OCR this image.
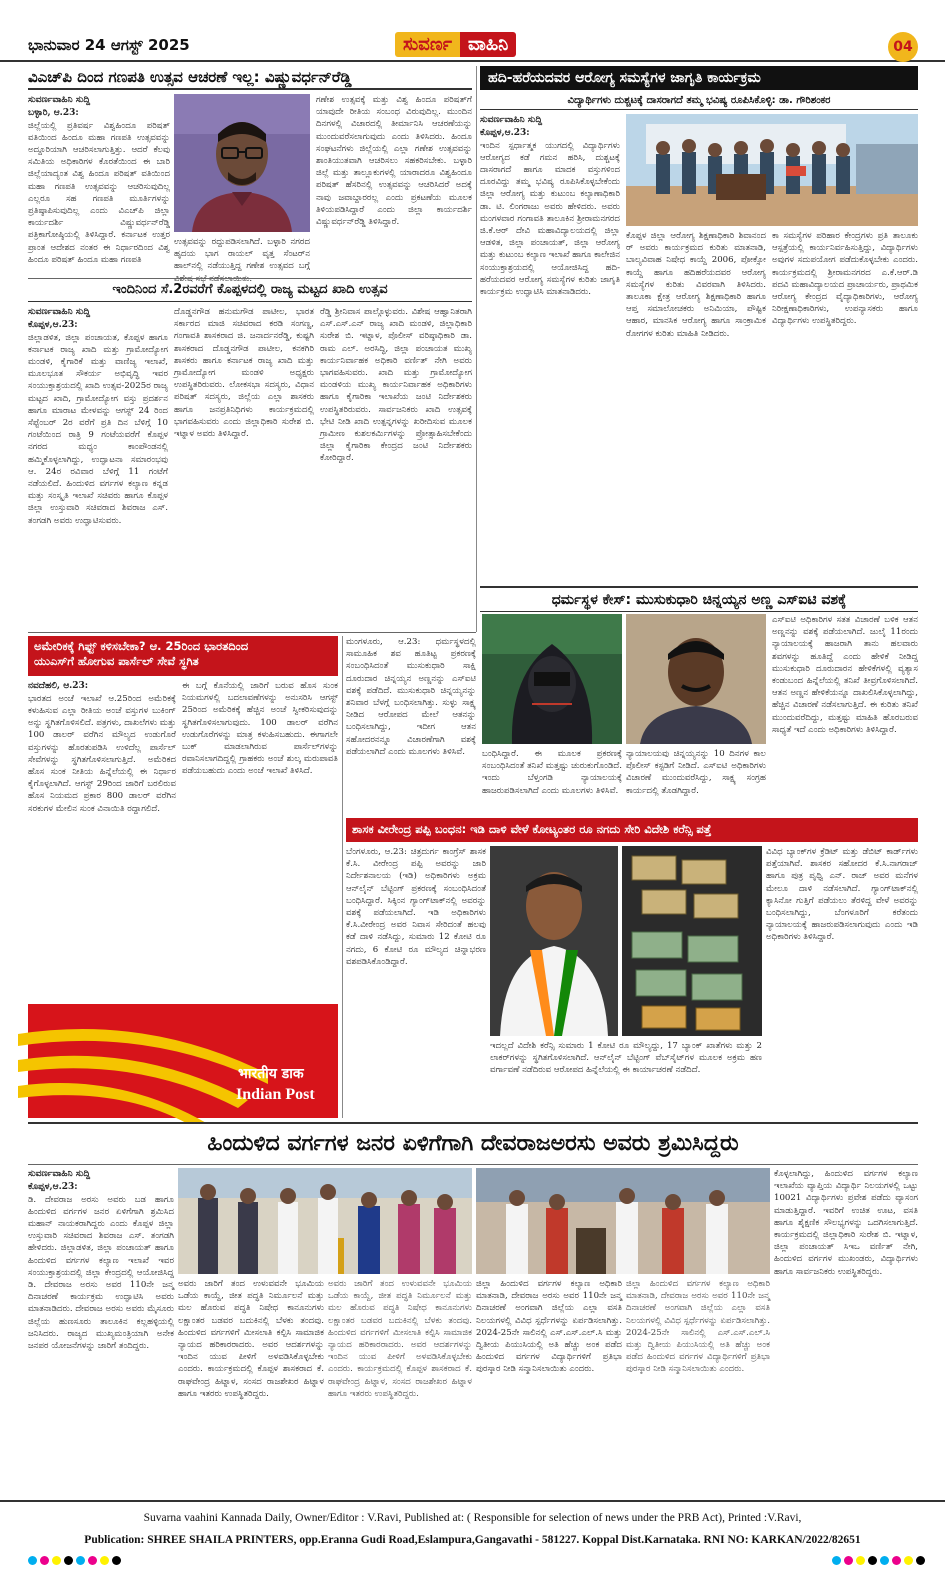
ಭಾನುವಾರ 24 ಆಗಸ್ಟ್ 2025	ಸುವರ್ಣ ವಾಹಿನಿ	04
ವಿಎಚ್‌ಪಿ ದಿಂದ ಗಣಪತಿ ಉತ್ಸವ ಆಚರಣೆ ಇಲ್ಲ: ವಿಷ್ಣುವರ್ಧನ್‌ರೆಡ್ಡಿ
ಸುವರ್ಣವಾಹಿನಿ ಸುದ್ದಿ
ಬಳ್ಳಾರಿ, ಆ.23:

ಜಿಲ್ಲೆಯಲ್ಲಿ ಪ್ರತಿವರ್ಷ ವಿಶ್ವಹಿಂದೂ ಪರಿಷತ್ ವತಿಯಿಂದ ಹಿಂದೂ ಮಹಾ ಗಣಪತಿ ಉತ್ಸವವನ್ನು ಅದ್ದೂರಿಯಾಗಿ ಆಚರಿಸಲಾಗುತ್ತಿತ್ತು. ಆದರೆ ಕೆಲವು ಸಮಿತಿಯ ಅಧಿಕಾರಿಗಳ ಕೊರತೆಯಿಂದ ಈ ಬಾರಿ ಜಿಲ್ಲೆಯಾದ್ಯಂತ ವಿಶ್ವ ಹಿಂದೂ ಪರಿಷತ್ ವತಿಯಿಂದ ಮಹಾ ಗಣಪತಿ ಉತ್ಸವವನ್ನು ಆಚರಿಸುವುದಿಲ್ಲ ಎಲ್ಲರೂ ಸಹ ಗಣಪತಿ ಮೂರ್ತಿಗಳನ್ನು ಪ್ರತಿಷ್ಠಾಪಿಸುವುದಿಲ್ಲ ಎಂದು ವಿಎಚ್‌ಪಿ ಜಿಲ್ಲಾ ಕಾರ್ಯದರ್ಶಿ ವಿಷ್ಣುವರ್ಧನ್‌ರೆಡ್ಡಿ ಪತ್ರಿಕಾಗೋಷ್ಠಿಯಲ್ಲಿ ತಿಳಿಸಿದ್ದಾರೆ. ಕರ್ನಾಟಕ ಉತ್ತರ ಪ್ರಾಂತ ಆದೇಶದ ನಂತರ ಈ ನಿರ್ಧಾರದಿಂದ ವಿಶ್ವ ಹಿಂದೂ ಪರಿಷತ್ ಹಿಂದೂ ಮಹಾ ಗಣಪತಿ

ಉತ್ಸವವನ್ನು ರದ್ದುಪಡಿಸಲಾಗಿದೆ. ಬಳ್ಳಾರಿ ನಗರದ ಹೃದಯ ಭಾಗ ರಾಯಲ್ ವೃತ್ತ ಸೆಂಟರ್‌ನ ಹಾಲ್‌ನಲ್ಲಿ ನಡೆಯುತ್ತಿದ್ದ ಗಣೇಶ ಉತ್ಸವದ ಬಗ್ಗೆ ವಿಶೇಷ ಸಭೆ ನಡೆಸಲಾಯಿತು.

ಗಣೇಶ ಉತ್ಸವಕ್ಕೆ ಮತ್ತು ವಿಶ್ವ ಹಿಂದೂ ಪರಿಷತ್‌ಗೆ ಯಾವುದೇ ರೀತಿಯ ಸಂಬಂಧ ವಿರುವುದಿಲ್ಲ. ಮುಂದಿನ ದಿನಗಳಲ್ಲಿ ವಿಚಾರದಲ್ಲಿ ತೀರ್ಮಾನಿಸಿ ಆಚರಣೆಯನ್ನು ಮುಂದುವರೆಸಲಾಗುವುದು ಎಂದು ತಿಳಿಸಿದರು. ಹಿಂದೂ ಸಂಘಟನೆಗಳು ಜಿಲ್ಲೆಯಲ್ಲಿ ಎಲ್ಲಾ ಗಣೇಶ ಉತ್ಸವವನ್ನು ಶಾಂತಿಯುತವಾಗಿ ಆಚರಿಸಲು ಸಹಕರಿಸಬೇಕು. ಬಳ್ಳಾರಿ ಜಿಲ್ಲೆ ಮತ್ತು ತಾಲ್ಲೂಕುಗಳಲ್ಲಿ ಯಾರಾದರೂ ವಿಶ್ವಹಿಂದೂ ಪರಿಷತ್ ಹೆಸರಿನಲ್ಲಿ ಉತ್ಸವವನ್ನು ಆಚರಿಸಿದರೆ ಅದಕ್ಕೆ ನಾವು ಜವಾಬ್ದಾರರಲ್ಲ ಎಂದು ಪ್ರಕಟಣೆಯ ಮೂಲಕ ತಿಳಿಯಪಡಿಸಿದ್ದಾರೆ ಎಂದು ಜಿಲ್ಲಾ ಕಾರ್ಯದರ್ಶಿ ವಿಷ್ಣುವರ್ಧನ್‌ರೆಡ್ಡಿ ತಿಳಿಸಿದ್ದಾರೆ.

ಇಂದಿನಿಂದ ಸೆ.2ರವರೆಗೆ ಕೊಪ್ಪಳದಲ್ಲಿ ರಾಜ್ಯ ಮಟ್ಟದ ಖಾದಿ ಉತ್ಸವ
ಸುವರ್ಣವಾಹಿನಿ ಸುದ್ದಿ
ಕೊಪ್ಪಳ,ಆ.23:

ಜಿಲ್ಲಾಡಳಿತ, ಜಿಲ್ಲಾ ಪಂಚಾಯತ, ಕೊಪ್ಪಳ ಹಾಗೂ ಕರ್ನಾಟಕ ರಾಜ್ಯ ಖಾದಿ ಮತ್ತು ಗ್ರಾಮೋದ್ಯೋಗ ಮಂಡಳಿ, ಕೈಗಾರಿಕೆ ಮತ್ತು ವಾಣಿಜ್ಯ ಇಲಾಖೆ, ಮೂಲಭೂತ ಸೌಕರ್ಯ ಅಭಿವೃದ್ಧಿ ಇವರ ಸಂಯುಕ್ತಾಶ್ರಯದಲ್ಲಿ ಖಾದಿ ಉತ್ಸವ-2025ರ ರಾಜ್ಯ ಮಟ್ಟದ ಖಾದಿ, ಗ್ರಾಮೋದ್ಯೋಗ ವಸ್ತು ಪ್ರದರ್ಶನ ಹಾಗೂ ಮಾರಾಟ ಮೇಳವನ್ನು ಆಗಸ್ಟ್ 24 ರಿಂದ ಸೆಪ್ಟೆಂಬರ್ 2ರ ವರೆಗೆ ಪ್ರತಿ ದಿನ ಬೆಳಿಗ್ಗೆ 10 ಗಂಟೆಯಿಂದ ರಾತ್ರಿ 9 ಗಂಟೆಯವರೆಗೆ ಕೊಪ್ಪಳ ನಗರದ ಮಧ್ಯಂ ಕಾಂಪೌಂಡನಲ್ಲಿ ಹಮ್ಮಿಕೊಳ್ಳಲಾಗಿದ್ದು, ಉದ್ಘಾಟನಾ ಸಮಾರಂಭವು ಆ. 24ರ ರವಿವಾರ ಬೆಳಿಗ್ಗೆ 11 ಗಂಟೆಗೆ ನಡೆಯಲಿದೆ. ಹಿಂದುಳಿದ ವರ್ಗಗಳ ಕಲ್ಯಾಣ ಕನ್ನಡ ಮತ್ತು ಸಂಸ್ಕೃತಿ ಇಲಾಖೆ ಸಚಿವರು ಹಾಗೂ ಕೊಪ್ಪಳ ಜಿಲ್ಲಾ ಉಸ್ತುವಾರಿ ಸಚಿವರಾದ ಶಿವರಾಜ ಎಸ್. ತಂಗಡಗಿ ಅವರು ಉದ್ಘಾಟಿಸುವರು.

ದೊಡ್ಡನಗೌಡ ಹನುಮಗೌಡ ಪಾಟೀಲ, ಭಾರತ ಸರ್ಕಾರದ ಮಾಜಿ ಸಚಿವರಾದ ಕರಡಿ ಸಂಗಣ್ಣ, ಗಂಗಾವತಿ ಶಾಸಕರಾದ ಜಿ. ಜನಾರ್ದನರೆಡ್ಡಿ, ಕುಷ್ಟಗಿ ಶಾಸಕರಾದ ದೊಡ್ಡನಗೌಡ ಪಾಟೀಲ, ಕನಕಗಿರಿ ಶಾಸಕರು ಹಾಗೂ ಕರ್ನಾಟಕ ರಾಜ್ಯ ಖಾದಿ ಮತ್ತು ಗ್ರಾಮೋದ್ಯೋಗ ಮಂಡಳಿ ಅಧ್ಯಕ್ಷರು ಉಪಸ್ಥಿತರಿರುವರು. ಲೋಕಸಭಾ ಸದಸ್ಯರು, ವಿಧಾನ ಪರಿಷತ್ ಸದಸ್ಯರು, ಜಿಲ್ಲೆಯ ಎಲ್ಲಾ ಶಾಸಕರು ಹಾಗೂ ಜನಪ್ರತಿನಿಧಿಗಳು ಕಾರ್ಯಕ್ರಮದಲ್ಲಿ ಭಾಗವಹಿಸುವರು ಎಂದು ಜಿಲ್ಲಾಧಿಕಾರಿ ಸುರೇಶ ಬಿ. ಇಟ್ನಾಳ ಅವರು ತಿಳಿಸಿದ್ದಾರೆ.

ರೆಡ್ಡಿ ಶ್ರೀನಿವಾಸ ಪಾಲ್ಗೊಳ್ಳುವರು. ವಿಶೇಷ ಆಹ್ವಾನಿತರಾಗಿ ಎಸ್.ಎಸ್.ಎನ್ ರಾಜ್ಯ ಖಾದಿ ಮಂಡಳಿ, ಜಿಲ್ಲಾಧಿಕಾರಿ ಸುರೇಶ ಬಿ. ಇಟ್ನಾಳ, ಪೊಲೀಸ್ ವರಿಷ್ಠಾಧಿಕಾರಿ ಡಾ. ರಾಮ ಎಲ್. ಅರಸಿದ್ಧಿ, ಜಿಲ್ಲಾ ಪಂಚಾಯತ ಮುಖ್ಯ ಕಾರ್ಯನಿರ್ವಾಹಕ ಅಧಿಕಾರಿ ವರ್ಣಿತ್ ನೇಗಿ ಅವರು ಭಾಗವಹಿಸುವರು. ಖಾದಿ ಮತ್ತು ಗ್ರಾಮೋದ್ಯೋಗ ಮಂಡಳಿಯ ಮುಖ್ಯ ಕಾರ್ಯನಿರ್ವಾಹಕ ಅಧಿಕಾರಿಗಳು ಹಾಗೂ ಕೈಗಾರಿಕಾ ಇಲಾಖೆಯ ಜಂಟಿ ನಿರ್ದೇಶಕರು ಉಪಸ್ಥಿತರಿರುವರು. ಸಾರ್ವಜನಿಕರು ಖಾದಿ ಉತ್ಸವಕ್ಕೆ ಭೇಟಿ ನೀಡಿ ಖಾದಿ ಉತ್ಪನ್ನಗಳನ್ನು ಖರೀದಿಸುವ ಮೂಲಕ ಗ್ರಾಮೀಣ ಕುಶಲಕರ್ಮಿಗಳನ್ನು ಪ್ರೋತ್ಸಾಹಿಸಬೇಕೆಂದು ಜಿಲ್ಲಾ ಕೈಗಾರಿಕಾ ಕೇಂದ್ರದ ಜಂಟಿ ನಿರ್ದೇಶಕರು ಕೋರಿದ್ದಾರೆ.

ಹದಿ-ಹರೆಯದವರ ಆರೋಗ್ಯ ಸಮಸ್ಯೆಗಳ ಜಾಗೃತಿ ಕಾರ್ಯಕ್ರಮ
ವಿದ್ಯಾರ್ಥಿಗಳು ದುಶ್ಚಟಕ್ಕೆ ದಾಸರಾಗದೆ ತಮ್ಮ ಭವಿಷ್ಯ ರೂಪಿಸಿಕೊಳ್ಳಿ: ಡಾ. ಗೌರಿಶಂಕರ
ಸುವರ್ಣವಾಹಿನಿ ಸುದ್ದಿ
ಕೊಪ್ಪಳ,ಆ.23:

ಇಂದಿನ ಸ್ಪರ್ಧಾತ್ಮಕ ಯುಗದಲ್ಲಿ ವಿದ್ಯಾರ್ಥಿಗಳು ಆರೋಗ್ಯದ ಕಡೆ ಗಮನ ಹರಿಸಿ, ದುಶ್ಚಟಕ್ಕೆ ದಾಸರಾಗದೆ ಹಾಗೂ ಮಾದಕ ವಸ್ತುಗಳಿಂದ ದೂರವಿದ್ದು ತಮ್ಮ ಭವಿಷ್ಯ ರೂಪಿಸಿಕೊಳ್ಳಬೇಕೆಂದು ಜಿಲ್ಲಾ ಆರೋಗ್ಯ ಮತ್ತು ಕುಟುಂಬ ಕಲ್ಯಾಣಾಧಿಕಾರಿ ಡಾ. ಟಿ. ಲಿಂಗರಾಜು ಅವರು ಹೇಳಿದರು. ಅವರು ಮಂಗಳವಾರ ಗಂಗಾವತಿ ತಾಲೂಕಿನ ಶ್ರೀರಾಮನಗರದ ಜಿ.ಕೆ.ಆರ್ ದೇವಿ ಮಹಾವಿದ್ಯಾಲಯದಲ್ಲಿ ಜಿಲ್ಲಾ ಆಡಳಿತ, ಜಿಲ್ಲಾ ಪಂಚಾಯತ್, ಜಿಲ್ಲಾ ಆರೋಗ್ಯ ಮತ್ತು ಕುಟುಂಬ ಕಲ್ಯಾಣ ಇಲಾಖೆ ಹಾಗೂ ಕಾಲೇಜಿನ ಸಂಯುಕ್ತಾಶ್ರಯದಲ್ಲಿ ಆಯೋಜಿಸಿದ್ದ ಹದಿ-ಹರೆಯದವರ ಆರೋಗ್ಯ ಸಮಸ್ಯೆಗಳ ಕುರಿತು ಜಾಗೃತಿ ಕಾರ್ಯಕ್ರಮ ಉದ್ಘಾಟಿಸಿ ಮಾತನಾಡಿದರು.

ಕೊಪ್ಪಳ ಜಿಲ್ಲಾ ಆರೋಗ್ಯ ಶಿಕ್ಷಣಾಧಿಕಾರಿ ಶಿವಾನಂದ ರ್ ಅವರು ಕಾರ್ಯಕ್ರಮದ ಕುರಿತು ಮಾತನಾಡಿ, ಬಾಲ್ಯವಿವಾಹ ನಿಷೇಧ ಕಾಯ್ದೆ 2006, ಪೋಕ್ಸೋ ಕಾಯ್ದೆ ಹಾಗೂ ಹದಿಹರೆಯದವರ ಆರೋಗ್ಯ ಸಮಸ್ಯೆಗಳ ಕುರಿತು ವಿವರವಾಗಿ ತಿಳಿಸಿದರು. ತಾಲೂಕಾ ಕ್ಷೇತ್ರ ಆರೋಗ್ಯ ಶಿಕ್ಷಣಾಧಿಕಾರಿ ಹಾಗೂ ಆಪ್ತ ಸಮಾಲೋಚಕರು ಅನಿಮಿಯಾ, ಪೌಷ್ಟಿಕ ಆಹಾರ, ಮಾನಸಿಕ ಆರೋಗ್ಯ ಹಾಗೂ ಸಾಂಕ್ರಾಮಿಕ ರೋಗಗಳ ಕುರಿತು ಮಾಹಿತಿ ನೀಡಿದರು.

ಕಾ ಸಮಸ್ಯೆಗಳ ಪರಿಹಾರ ಕೇಂದ್ರಗಳು ಪ್ರತಿ ತಾಲೂಕು ಆಸ್ಪತ್ರೆಯಲ್ಲಿ ಕಾರ್ಯನಿರ್ವಹಿಸುತ್ತಿದ್ದು, ವಿದ್ಯಾರ್ಥಿಗಳು ಅವುಗಳ ಸದುಪಯೋಗ ಪಡೆದುಕೊಳ್ಳಬೇಕು ಎಂದರು. ಕಾರ್ಯಕ್ರಮದಲ್ಲಿ ಶ್ರೀರಾಮನಗರದ ಎ.ಕೆ.ಆರ್.ಡಿ ಪದವಿ ಮಹಾವಿದ್ಯಾಲಯದ ಪ್ರಾಚಾರ್ಯರು, ಪ್ರಾಥಮಿಕ ಆರೋಗ್ಯ ಕೇಂದ್ರದ ವೈದ್ಯಾಧಿಕಾರಿಗಳು, ಆರೋಗ್ಯ ನಿರೀಕ್ಷಣಾಧಿಕಾರಿಗಳು, ಉಪನ್ಯಾಸಕರು ಹಾಗೂ ವಿದ್ಯಾರ್ಥಿಗಳು ಉಪಸ್ಥಿತರಿದ್ದರು.

ಧರ್ಮಸ್ಥಳ ಕೇಸ್: ಮುಸುಕುಧಾರಿ ಚಿನ್ನಯ್ಯನ ಅಣ್ಣ ಎಸ್‌ಐಟಿ ವಶಕ್ಕೆ

ಬಂಧಿಸಿದ್ದಾರೆ. ಈ ಮೂಲಕ ಪ್ರಕರಣಕ್ಕೆ ಸಂಬಂಧಿಸಿದಂತೆ ತನಿಖೆ ಮತ್ತಷ್ಟು ಚುರುಕುಗೊಂಡಿದೆ. ಇಂದು ಬೆಳ್ತಂಗಡಿ ನ್ಯಾಯಾಲಯಕ್ಕೆ ಹಾಜರುಪಡಿಸಲಾಗಿದೆ ಎಂದು ಮೂಲಗಳು ತಿಳಿಸಿವೆ.

ನ್ಯಾಯಾಲಯವು ಚಿನ್ನಯ್ಯನನ್ನು 10 ದಿನಗಳ ಕಾಲ ಪೊಲೀಸ್ ಕಸ್ಟಡಿಗೆ ನೀಡಿದೆ. ಎಸ್‌ಐಟಿ ಅಧಿಕಾರಿಗಳು ವಿಚಾರಣೆ ಮುಂದುವರೆಸಿದ್ದು, ಸಾಕ್ಷ್ಯ ಸಂಗ್ರಹ ಕಾರ್ಯದಲ್ಲಿ ತೊಡಗಿದ್ದಾರೆ.

ಎಸ್‌ಐಟಿ ಅಧಿಕಾರಿಗಳ ಸತತ ವಿಚಾರಣೆ ಬಳಿಕ ಆತನ ಅಣ್ಣನನ್ನು ವಶಕ್ಕೆ ಪಡೆಯಲಾಗಿದೆ. ಜುಲೈ 11ರಂದು ನ್ಯಾಯಾಲಯಕ್ಕೆ ಹಾಜರಾಗಿ ತಾನು ಹಲವಾರು ಶವಗಳನ್ನು ಹೂತಿದ್ದೆ ಎಂದು ಹೇಳಿಕೆ ನೀಡಿದ್ದ ಮುಸುಕುಧಾರಿ ದೂರುದಾರನ ಹೇಳಿಕೆಗಳಲ್ಲಿ ವ್ಯತ್ಯಾಸ ಕಂಡುಬಂದ ಹಿನ್ನೆಲೆಯಲ್ಲಿ ತನಿಖೆ ತೀವ್ರಗೊಳಿಸಲಾಗಿದೆ. ಆತನ ಅಣ್ಣನ ಹೇಳಿಕೆಯನ್ನೂ ದಾಖಲಿಸಿಕೊಳ್ಳಲಾಗಿದ್ದು, ಹೆಚ್ಚಿನ ವಿಚಾರಣೆ ನಡೆಸಲಾಗುತ್ತಿದೆ. ಈ ಕುರಿತು ತನಿಖೆ ಮುಂದುವರೆದಿದ್ದು, ಮತ್ತಷ್ಟು ಮಾಹಿತಿ ಹೊರಬರುವ ಸಾಧ್ಯತೆ ಇದೆ ಎಂದು ಅಧಿಕಾರಿಗಳು ತಿಳಿಸಿದ್ದಾರೆ.

ಅಮೇರಿಕಕ್ಕೆ ಗಿಫ್ಟ್ ಕಳಿಸಬೇಕಾ? ಆ. 25ರಿಂದ ಭಾರತದಿಂದ
ಯುಎಸ್‌ಗೆ ಹೋಗುವ ಪಾರ್ಸೆಲ್ ಸೇವೆ ಸ್ಥಗಿತ
ನವದೆಹಲಿ, ಆ.23:

ಭಾರತದ ಅಂಚೆ ಇಲಾಖೆ ಆ.25ರಿಂದ ಅಮೆರಿಕಕ್ಕೆ ಕಳುಹಿಸುವ ಎಲ್ಲಾ ರೀತಿಯ ಅಂಚೆ ವಸ್ತುಗಳ ಬುಕಿಂಗ್ ಅನ್ನು ಸ್ಥಗಿತಗೊಳಿಸಲಿದೆ. ಪತ್ರಗಳು, ದಾಖಲೆಗಳು ಮತ್ತು 100 ಡಾಲರ್ ವರೆಗಿನ ಮೌಲ್ಯದ ಉಡುಗೊರೆ ವಸ್ತುಗಳನ್ನು ಹೊರತುಪಡಿಸಿ ಉಳಿದೆಲ್ಲ ಪಾರ್ಸೆಲ್ ಸೇವೆಗಳನ್ನು ಸ್ಥಗಿತಗೊಳಿಸಲಾಗುತ್ತಿದೆ. ಅಮೆರಿಕದ ಹೊಸ ಸುಂಕ ನೀತಿಯ ಹಿನ್ನೆಲೆಯಲ್ಲಿ ಈ ನಿರ್ಧಾರ ಕೈಗೊಳ್ಳಲಾಗಿದೆ. ಆಗಸ್ಟ್ 29ರಿಂದ ಜಾರಿಗೆ ಬರಲಿರುವ ಹೊಸ ನಿಯಮದ ಪ್ರಕಾರ 800 ಡಾಲರ್ ವರೆಗಿನ ಸರಕುಗಳ ಮೇಲಿನ ಸುಂಕ ವಿನಾಯಿತಿ ರದ್ದಾಗಲಿದೆ.

ಈ ಬಗ್ಗೆ ಕೊನೆಯಲ್ಲಿ ಜಾರಿಗೆ ಬರುವ ಹೊಸ ಸುಂಕ ನಿಯಮಗಳಲ್ಲಿ ಬದಲಾವಣೆಗಳನ್ನು ಅನುಸರಿಸಿ ಆಗಸ್ಟ್ 25ರಿಂದ ಅಮೆರಿಕಕ್ಕೆ ಹೆಚ್ಚಿನ ಅಂಚೆ ಸ್ವೀಕರಿಸುವುದನ್ನು ಸ್ಥಗಿತಗೊಳಿಸಲಾಗುವುದು. 100 ಡಾಲರ್ ವರೆಗಿನ ಉಡುಗೊರೆಗಳನ್ನು ಮಾತ್ರ ಕಳುಹಿಸಬಹುದು. ಈಗಾಗಲೇ ಬುಕ್ ಮಾಡಲಾಗಿರುವ ಪಾರ್ಸೆಲ್‌ಗಳನ್ನು ರವಾನಿಸಲಾಗದಿದ್ದಲ್ಲಿ ಗ್ರಾಹಕರು ಅಂಚೆ ಶುಲ್ಕ ಮರುಪಾವತಿ ಪಡೆಯಬಹುದು ಎಂದು ಅಂಚೆ ಇಲಾಖೆ ತಿಳಿಸಿದೆ.

ಮಂಗಳೂರು, ಆ.23: ಧರ್ಮಸ್ಥಳದಲ್ಲಿ ಸಾಮೂಹಿಕ ಶವ ಹೂತಿಟ್ಟ ಪ್ರಕರಣಕ್ಕೆ ಸಂಬಂಧಿಸಿದಂತೆ ಮುಸುಕುಧಾರಿ ಸಾಕ್ಷಿ ದೂರುದಾರ ಚಿನ್ನಯ್ಯನ ಅಣ್ಣನನ್ನು ಎಸ್‌ಐಟಿ ವಶಕ್ಕೆ ಪಡೆದಿದೆ. ಮುಸುಕುಧಾರಿ ಚಿನ್ನಯ್ಯನನ್ನು ಶನಿವಾರ ಬೆಳಗ್ಗೆ ಬಂಧಿಸಲಾಗಿತ್ತು. ಸುಳ್ಳು ಸಾಕ್ಷ್ಯ ನೀಡಿದ ಆರೋಪದ ಮೇಲೆ ಆತನನ್ನು ಬಂಧಿಸಲಾಗಿದ್ದು, ಇದೀಗ ಆತನ ಸಹೋದರನನ್ನೂ ವಿಚಾರಣೆಗಾಗಿ ವಶಕ್ಕೆ ಪಡೆಯಲಾಗಿದೆ ಎಂದು ಮೂಲಗಳು ತಿಳಿಸಿವೆ.

भारतीय डाक
Indian Post
ಶಾಸಕ ವೀರೇಂದ್ರ ಪಪ್ಪಿ ಬಂಧನ: ಇಡಿ ದಾಳಿ ವೇಳೆ ಕೋಟ್ಯಂತರ ರೂ ನಗದು ಸೇರಿ ವಿದೇಶಿ ಕರೆನ್ಸಿ ಪತ್ತೆ

ಬೆಂಗಳೂರು, ಆ.23: ಚಿತ್ರದುರ್ಗ ಕಾಂಗ್ರೆಸ್ ಶಾಸಕ ಕೆ.ಸಿ. ವೀರೇಂದ್ರ ಪಪ್ಪಿ ಅವರನ್ನು ಜಾರಿ ನಿರ್ದೇಶನಾಲಯ (ಇಡಿ) ಅಧಿಕಾರಿಗಳು ಅಕ್ರಮ ಆನ್‌ಲೈನ್ ಬೆಟ್ಟಿಂಗ್ ಪ್ರಕರಣಕ್ಕೆ ಸಂಬಂಧಿಸಿದಂತೆ ಬಂಧಿಸಿದ್ದಾರೆ. ಸಿಕ್ಕಿಂನ ಗ್ಯಾಂಗ್‌ಟಾಕ್‌ನಲ್ಲಿ ಅವರನ್ನು ವಶಕ್ಕೆ ಪಡೆಯಲಾಗಿದೆ. ಇಡಿ ಅಧಿಕಾರಿಗಳು ಕೆ.ಸಿ.ವೀರೇಂದ್ರ ಅವರ ನಿವಾಸ ಸೇರಿದಂತೆ ಹಲವು ಕಡೆ ದಾಳಿ ನಡೆಸಿದ್ದು, ಸುಮಾರು 12 ಕೋಟಿ ರೂ ನಗದು, 6 ಕೋಟಿ ರೂ ಮೌಲ್ಯದ ಚಿನ್ನಾಭರಣ ವಶಪಡಿಸಿಕೊಂಡಿದ್ದಾರೆ.

ಇದಲ್ಲದೆ ವಿದೇಶಿ ಕರೆನ್ಸಿ ಸುಮಾರು 1 ಕೋಟಿ ರೂ ಮೌಲ್ಯದ್ದು, 17 ಬ್ಯಾಂಕ್ ಖಾತೆಗಳು ಮತ್ತು 2 ಲಾಕರ್‌ಗಳನ್ನು ಸ್ಥಗಿತಗೊಳಿಸಲಾಗಿದೆ. ಆನ್‌ಲೈನ್ ಬೆಟ್ಟಿಂಗ್ ವೆಬ್‌ಸೈಟ್‌ಗಳ ಮೂಲಕ ಅಕ್ರಮ ಹಣ ವರ್ಗಾವಣೆ ನಡೆದಿರುವ ಆರೋಪದ ಹಿನ್ನೆಲೆಯಲ್ಲಿ ಈ ಕಾರ್ಯಾಚರಣೆ ನಡೆದಿದೆ.

ವಿವಿಧ ಬ್ಯಾಂಕ್‌ಗಳ ಕ್ರೆಡಿಟ್ ಮತ್ತು ಡೆಬಿಟ್ ಕಾರ್ಡ್‌ಗಳು ಪತ್ತೆಯಾಗಿವೆ. ಶಾಸಕರ ಸಹೋದರ ಕೆ.ಸಿ.ನಾಗರಾಜ್ ಹಾಗೂ ಪುತ್ರ ಪೃಥ್ವಿ ಎನ್. ರಾಜ್ ಅವರ ಮನೆಗಳ ಮೇಲೂ ದಾಳಿ ನಡೆಸಲಾಗಿದೆ. ಗ್ಯಾಂಗ್‌ಟಾಕ್‌ನಲ್ಲಿ ಕ್ಯಾಸಿನೋ ಗುತ್ತಿಗೆ ಪಡೆಯಲು ತೆರಳಿದ್ದ ವೇಳೆ ಅವರನ್ನು ಬಂಧಿಸಲಾಗಿದ್ದು, ಬೆಂಗಳೂರಿಗೆ ಕರೆತಂದು ನ್ಯಾಯಾಲಯಕ್ಕೆ ಹಾಜರುಪಡಿಸಲಾಗುವುದು ಎಂದು ಇಡಿ ಅಧಿಕಾರಿಗಳು ತಿಳಿಸಿದ್ದಾರೆ.

ಹಿಂದುಳಿದ ವರ್ಗಗಳ ಜನರ ಏಳಿಗೆಗಾಗಿ ದೇವರಾಜಅರಸು ಅವರು ಶ್ರಮಿಸಿದ್ದರು
ಸುವರ್ಣವಾಹಿನಿ ಸುದ್ದಿ
ಕೊಪ್ಪಳ,ಆ.23:

ಡಿ. ದೇವರಾಜ ಅರಸು ಅವರು ಬಡ ಹಾಗೂ ಹಿಂದುಳಿದ ವರ್ಗಗಳ ಜನರ ಏಳಿಗೆಗಾಗಿ ಶ್ರಮಿಸಿದ ಮಹಾನ್ ನಾಯಕರಾಗಿದ್ದರು ಎಂದು ಕೊಪ್ಪಳ ಜಿಲ್ಲಾ ಉಸ್ತುವಾರಿ ಸಚಿವರಾದ ಶಿವರಾಜ ಎಸ್. ತಂಗಡಗಿ ಹೇಳಿದರು. ಜಿಲ್ಲಾಡಳಿತ, ಜಿಲ್ಲಾ ಪಂಚಾಯತ್ ಹಾಗೂ ಹಿಂದುಳಿದ ವರ್ಗಗಳ ಕಲ್ಯಾಣ ಇಲಾಖೆ ಇವರ ಸಂಯುಕ್ತಾಶ್ರಯದಲ್ಲಿ ಜಿಲ್ಲಾ ಕೇಂದ್ರದಲ್ಲಿ ಆಯೋಜಿಸಿದ್ದ ಡಿ. ದೇವರಾಜ ಅರಸು ಅವರ 110ನೇ ಜನ್ಮ ದಿನಾಚರಣೆ ಕಾರ್ಯಕ್ರಮ ಉದ್ಘಾಟಿಸಿ ಅವರು ಮಾತನಾಡಿದರು. ದೇವರಾಜ ಅರಸು ಅವರು ಮೈಸೂರು ಜಿಲ್ಲೆಯ ಹುಣಸೂರು ತಾಲೂಕಿನ ಕಲ್ಲಹಳ್ಳಿಯಲ್ಲಿ ಜನಿಸಿದರು. ರಾಜ್ಯದ ಮುಖ್ಯಮಂತ್ರಿಯಾಗಿ ಅನೇಕ ಜನಪರ ಯೋಜನೆಗಳನ್ನು ಜಾರಿಗೆ ತಂದಿದ್ದರು.

ಅವರು ಜಾರಿಗೆ ತಂದ ಉಳುವವನೇ ಭೂಮಿಯ ಒಡೆಯ ಕಾಯ್ದೆ, ಜೀತ ಪದ್ಧತಿ ನಿರ್ಮೂಲನೆ ಮತ್ತು ಮಲ ಹೊರುವ ಪದ್ಧತಿ ನಿಷೇಧ ಕಾನೂನುಗಳು ಲಕ್ಷಾಂತರ ಬಡವರ ಬದುಕಿನಲ್ಲಿ ಬೆಳಕು ತಂದವು. ಹಿಂದುಳಿದ ವರ್ಗಗಳಿಗೆ ಮೀಸಲಾತಿ ಕಲ್ಪಿಸಿ ಸಾಮಾಜಿಕ ನ್ಯಾಯದ ಹರಿಕಾರರಾದರು. ಅವರ ಆದರ್ಶಗಳನ್ನು ಇಂದಿನ ಯುವ ಪೀಳಿಗೆ ಅಳವಡಿಸಿಕೊಳ್ಳಬೇಕು ಎಂದರು. ಕಾರ್ಯಕ್ರಮದಲ್ಲಿ ಕೊಪ್ಪಳ ಶಾಸಕರಾದ ಕೆ. ರಾಘವೇಂದ್ರ ಹಿಟ್ನಾಳ, ಸಂಸದ ರಾಜಶೇಖರ ಹಿಟ್ನಾಳ ಹಾಗೂ ಇತರರು ಉಪಸ್ಥಿತರಿದ್ದರು.

ಜಿಲ್ಲಾ ಹಿಂದುಳಿದ ವರ್ಗಗಳ ಕಲ್ಯಾಣ ಅಧಿಕಾರಿ ಮಾತನಾಡಿ, ದೇವರಾಜ ಅರಸು ಅವರ 110ನೇ ಜನ್ಮ ದಿನಾಚರಣೆ ಅಂಗವಾಗಿ ಜಿಲ್ಲೆಯ ಎಲ್ಲಾ ವಸತಿ ನಿಲಯಗಳಲ್ಲಿ ವಿವಿಧ ಸ್ಪರ್ಧೆಗಳನ್ನು ಏರ್ಪಡಿಸಲಾಗಿತ್ತು. 2024-25ನೇ ಸಾಲಿನಲ್ಲಿ ಎಸ್.ಎಸ್.ಎಲ್.ಸಿ ಮತ್ತು ದ್ವಿತೀಯ ಪಿಯುಸಿಯಲ್ಲಿ ಅತಿ ಹೆಚ್ಚು ಅಂಕ ಪಡೆದ ಹಿಂದುಳಿದ ವರ್ಗಗಳ ವಿದ್ಯಾರ್ಥಿಗಳಿಗೆ ಪ್ರತಿಭಾ ಪುರಸ್ಕಾರ ನೀಡಿ ಸನ್ಮಾನಿಸಲಾಯಿತು ಎಂದರು.

ಕೊಳ್ಳಲಾಗಿದ್ದು, ಹಿಂದುಳಿದ ವರ್ಗಗಳ ಕಲ್ಯಾಣ ಇಲಾಖೆಯ ವ್ಯಾಪ್ತಿಯ ವಿದ್ಯಾರ್ಥಿ ನಿಲಯಗಳಲ್ಲಿ ಒಟ್ಟು 10021 ವಿದ್ಯಾರ್ಥಿಗಳು ಪ್ರವೇಶ ಪಡೆದು ವ್ಯಾಸಂಗ ಮಾಡುತ್ತಿದ್ದಾರೆ. ಇವರಿಗೆ ಉಚಿತ ಊಟ, ವಸತಿ ಹಾಗೂ ಶೈಕ್ಷಣಿಕ ಸೌಲಭ್ಯಗಳನ್ನು ಒದಗಿಸಲಾಗುತ್ತಿದೆ. ಕಾರ್ಯಕ್ರಮದಲ್ಲಿ ಜಿಲ್ಲಾಧಿಕಾರಿ ಸುರೇಶ ಬಿ. ಇಟ್ನಾಳ, ಜಿಲ್ಲಾ ಪಂಚಾಯತ್ ಸಿಇಒ ವರ್ಣಿತ್ ನೇಗಿ, ಹಿಂದುಳಿದ ವರ್ಗಗಳ ಮುಖಂಡರು, ವಿದ್ಯಾರ್ಥಿಗಳು ಹಾಗೂ ಸಾರ್ವಜನಿಕರು ಉಪಸ್ಥಿತರಿದ್ದರು.

ಅವರು ಜಾರಿಗೆ ತಂದ ಉಳುವವನೇ ಭೂಮಿಯ ಒಡೆಯ ಕಾಯ್ದೆ, ಜೀತ ಪದ್ಧತಿ ನಿರ್ಮೂಲನೆ ಮತ್ತು ಮಲ ಹೊರುವ ಪದ್ಧತಿ ನಿಷೇಧ ಕಾನೂನುಗಳು ಲಕ್ಷಾಂತರ ಬಡವರ ಬದುಕಿನಲ್ಲಿ ಬೆಳಕು ತಂದವು. ಹಿಂದುಳಿದ ವರ್ಗಗಳಿಗೆ ಮೀಸಲಾತಿ ಕಲ್ಪಿಸಿ ಸಾಮಾಜಿಕ ನ್ಯಾಯದ ಹರಿಕಾರರಾದರು. ಅವರ ಆದರ್ಶಗಳನ್ನು ಇಂದಿನ ಯುವ ಪೀಳಿಗೆ ಅಳವಡಿಸಿಕೊಳ್ಳಬೇಕು ಎಂದರು. ಕಾರ್ಯಕ್ರಮದಲ್ಲಿ ಕೊಪ್ಪಳ ಶಾಸಕರಾದ ಕೆ. ರಾಘವೇಂದ್ರ ಹಿಟ್ನಾಳ, ಸಂಸದ ರಾಜಶೇಖರ ಹಿಟ್ನಾಳ ಹಾಗೂ ಇತರರು ಉಪಸ್ಥಿತರಿದ್ದರು.

ಜಿಲ್ಲಾ ಹಿಂದುಳಿದ ವರ್ಗಗಳ ಕಲ್ಯಾಣ ಅಧಿಕಾರಿ ಮಾತನಾಡಿ, ದೇವರಾಜ ಅರಸು ಅವರ 110ನೇ ಜನ್ಮ ದಿನಾಚರಣೆ ಅಂಗವಾಗಿ ಜಿಲ್ಲೆಯ ಎಲ್ಲಾ ವಸತಿ ನಿಲಯಗಳಲ್ಲಿ ವಿವಿಧ ಸ್ಪರ್ಧೆಗಳನ್ನು ಏರ್ಪಡಿಸಲಾಗಿತ್ತು. 2024-25ನೇ ಸಾಲಿನಲ್ಲಿ ಎಸ್.ಎಸ್.ಎಲ್.ಸಿ ಮತ್ತು ದ್ವಿತೀಯ ಪಿಯುಸಿಯಲ್ಲಿ ಅತಿ ಹೆಚ್ಚು ಅಂಕ ಪಡೆದ ಹಿಂದುಳಿದ ವರ್ಗಗಳ ವಿದ್ಯಾರ್ಥಿಗಳಿಗೆ ಪ್ರತಿಭಾ ಪುರಸ್ಕಾರ ನೀಡಿ ಸನ್ಮಾನಿಸಲಾಯಿತು ಎಂದರು.

Suvarna vaahini Kannada Daily, Owner/Editor : V.Ravi, Published at: ( Responsible for selection of news under the PRB Act), Printed :V.Ravi,
Publication: SHREE SHAILA PRINTERS, opp.Eranna Gudi Road,Eslampura,Gangavathi - 581227. Koppal Dist.Karnataka. RNI NO: KARKAN/2022/82651
